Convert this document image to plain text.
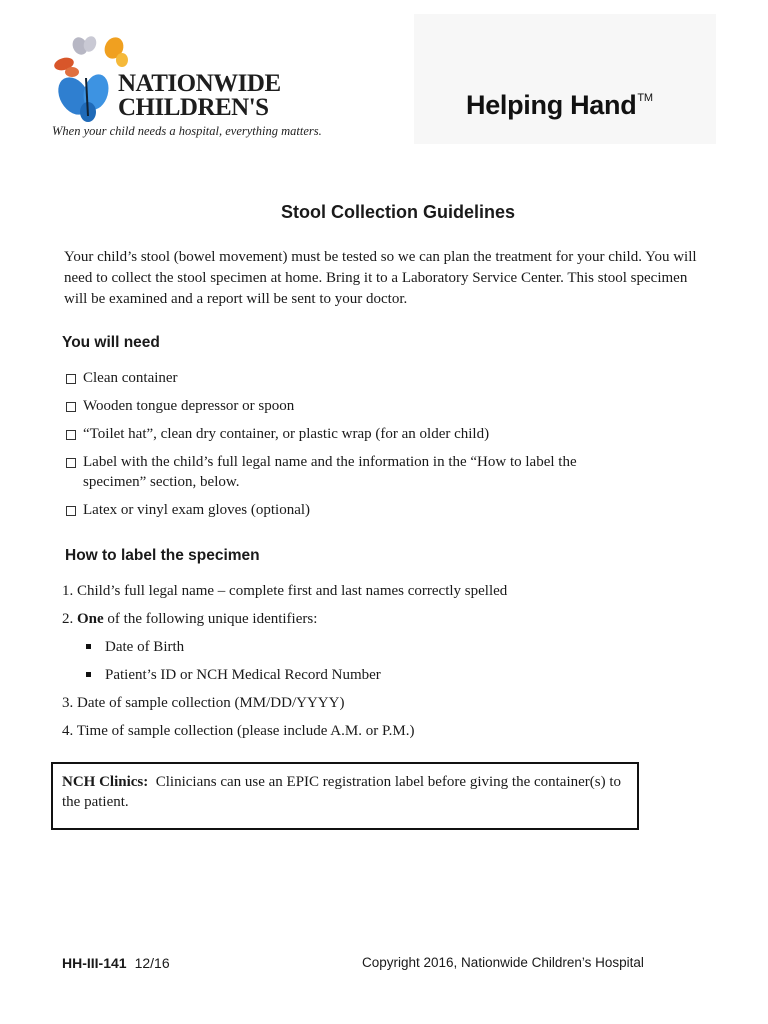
NATIONWIDE
CHILDREN'S
When your child needs a hospital, everything matters.
Helping Hand™
Stool Collection Guidelines

Your child’s stool (bowel movement) must be tested so we can plan the treatment for your child. You will need to collect the stool specimen at home. Bring it to a Laboratory Service Center. This stool specimen will be examined and a report will be sent to your doctor.

You will need
Clean container
Wooden tongue depressor or spoon
“Toilet hat”, clean dry container, or plastic wrap (for an older child)
Label with the child’s full legal name and the information in the “How to label the specimen” section, below.
Latex or vinyl exam gloves (optional)
How to label the specimen
1. Child’s full legal name – complete first and last names correctly spelled
2. One of the following unique identifiers:
Date of Birth
Patient’s ID or NCH Medical Record Number
3. Date of sample collection (MM/DD/YYYY)
4. Time of sample collection (please include A.M. or P.M.)
NCH Clinics: Clinicians can use an EPIC registration label before giving the container(s) to the patient.
HH-III-141 12/16	Copyright 2016, Nationwide Children’s Hospital
